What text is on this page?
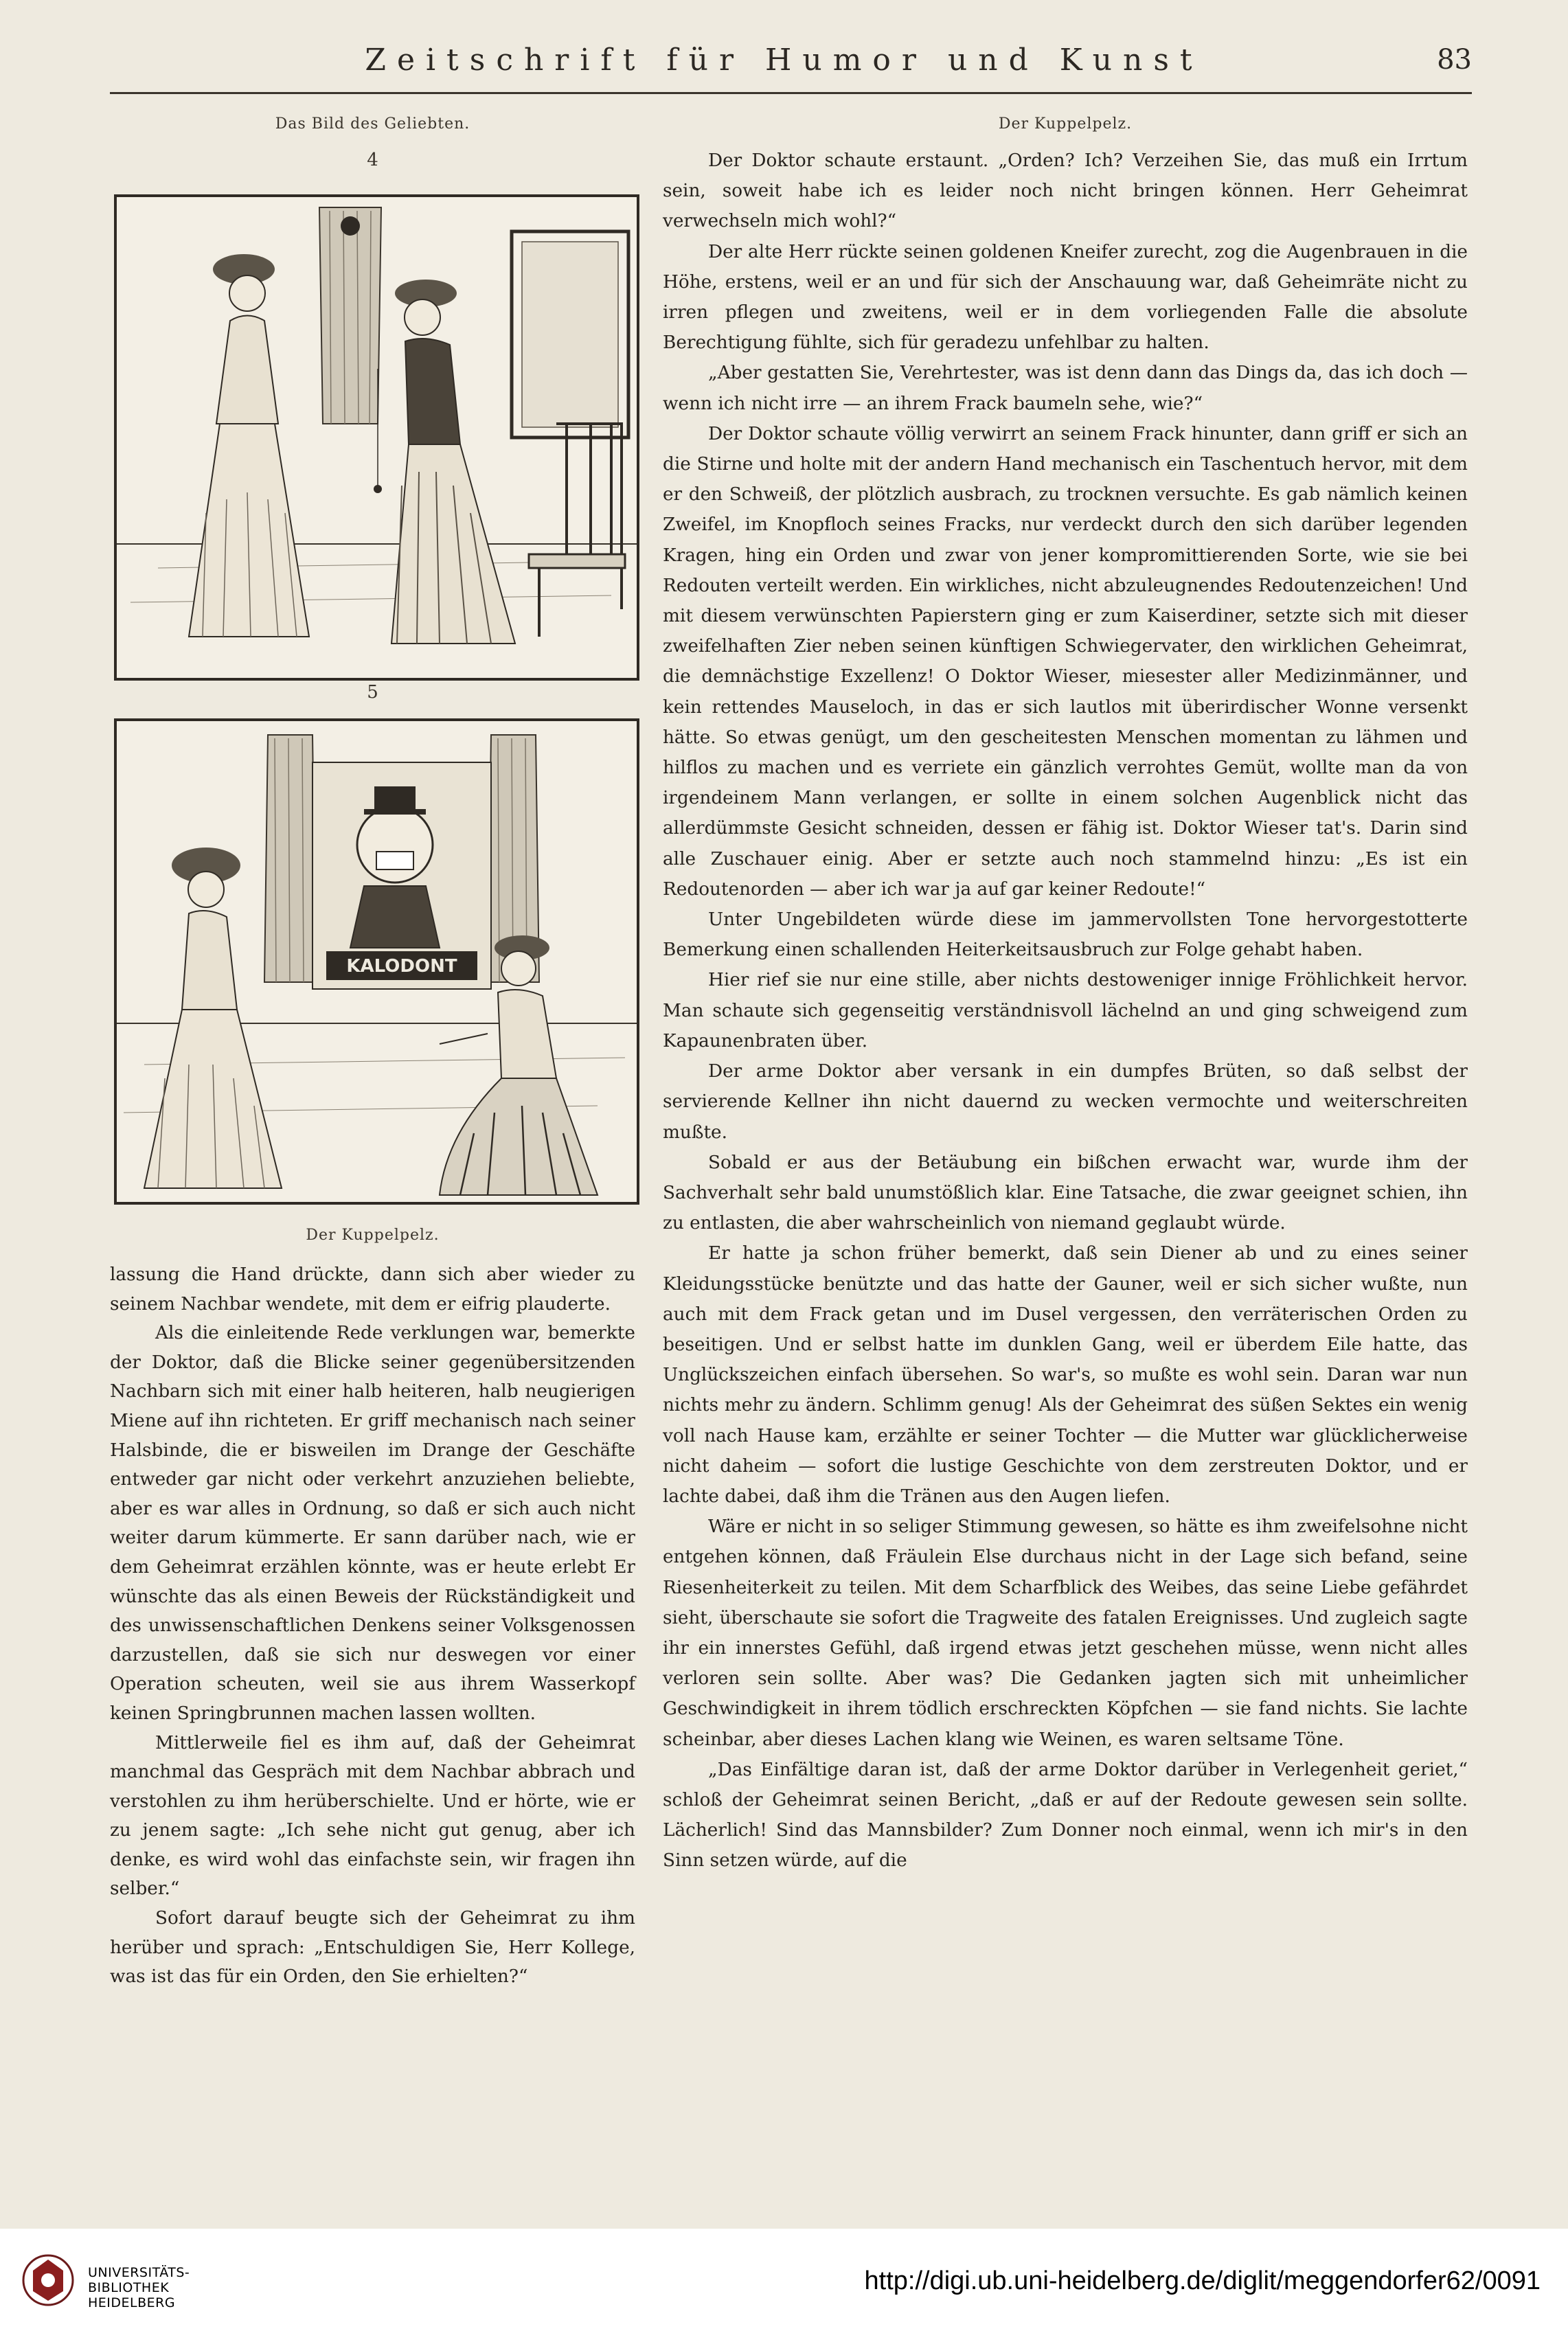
Zeitschrift für Humor und Kunst	83
Das Bild des Geliebten.
4
5
KALODONT
Der Kuppelpelz.

lassung die Hand drückte, dann sich aber wieder zu seinem Nachbar wendete, mit dem er eifrig plauderte.

Als die einleitende Rede verklungen war, bemerkte der Doktor, daß die Blicke seiner gegenübersitzenden Nachbarn sich mit einer halb heiteren, halb neugierigen Miene auf ihn richteten. Er griff mechanisch nach seiner Halsbinde, die er bisweilen im Drange der Geschäfte entweder gar nicht oder verkehrt anzuziehen beliebte, aber es war alles in Ordnung, so daß er sich auch nicht weiter darum kümmerte. Er sann darüber nach, wie er dem Geheimrat erzählen könnte, was er heute erlebt Er wünschte das als einen Beweis der Rückständigkeit und des unwissenschaftlichen Denkens seiner Volksgenossen darzustellen, daß sie sich nur deswegen vor einer Operation scheuten, weil sie aus ihrem Wasserkopf keinen Springbrunnen machen lassen wollten.

Mittlerweile fiel es ihm auf, daß der Geheimrat manchmal das Gespräch mit dem Nachbar abbrach und verstohlen zu ihm herüberschielte. Und er hörte, wie er zu jenem sagte: „Ich sehe nicht gut genug, aber ich denke, es wird wohl das einfachste sein, wir fragen ihn selber.“

Sofort darauf beugte sich der Geheimrat zu ihm herüber und sprach: „Entschuldigen Sie, Herr Kollege, was ist das für ein Orden, den Sie erhielten?“

Der Kuppelpelz.

Der Doktor schaute erstaunt. „Orden? Ich? Verzeihen Sie, das muß ein Irrtum sein, soweit habe ich es leider noch nicht bringen können. Herr Geheimrat verwechseln mich wohl?“

Der alte Herr rückte seinen goldenen Kneifer zurecht, zog die Augenbrauen in die Höhe, erstens, weil er an und für sich der Anschauung war, daß Geheimräte nicht zu irren pflegen und zweitens, weil er in dem vorliegenden Falle die absolute Berechtigung fühlte, sich für geradezu unfehlbar zu halten.

„Aber gestatten Sie, Verehrtester, was ist denn dann das Dings da, das ich doch — wenn ich nicht irre — an ihrem Frack baumeln sehe, wie?“

Der Doktor schaute völlig verwirrt an seinem Frack hinunter, dann griff er sich an die Stirne und holte mit der andern Hand mechanisch ein Taschentuch hervor, mit dem er den Schweiß, der plötzlich ausbrach, zu trocknen versuchte. Es gab nämlich keinen Zweifel, im Knopfloch seines Fracks, nur verdeckt durch den sich darüber legenden Kragen, hing ein Orden und zwar von jener kompromittierenden Sorte, wie sie bei Redouten verteilt werden. Ein wirkliches, nicht abzuleugnendes Redoutenzeichen! Und mit diesem verwünschten Papierstern ging er zum Kaiserdiner, setzte sich mit dieser zweifelhaften Zier neben seinen künftigen Schwiegervater, den wirklichen Geheimrat, die demnächstige Exzellenz! O Doktor Wieser, miesester aller Medizinmänner, und kein rettendes Mauseloch, in das er sich lautlos mit überirdischer Wonne versenkt hätte. So etwas genügt, um den gescheitesten Menschen momentan zu lähmen und hilflos zu machen und es verriete ein gänzlich verrohtes Gemüt, wollte man da von irgendeinem Mann verlangen, er sollte in einem solchen Augenblick nicht das allerdümmste Gesicht schneiden, dessen er fähig ist. Doktor Wieser tat's. Darin sind alle Zuschauer einig. Aber er setzte auch noch stammelnd hinzu: „Es ist ein Redoutenorden — aber ich war ja auf gar keiner Redoute!“

Unter Ungebildeten würde diese im jammervollsten Tone hervorgestotterte Bemerkung einen schallenden Heiterkeitsausbruch zur Folge gehabt haben.

Hier rief sie nur eine stille, aber nichts destoweniger innige Fröhlichkeit hervor. Man schaute sich gegenseitig verständnisvoll lächelnd an und ging schweigend zum Kapaunenbraten über.

Der arme Doktor aber versank in ein dumpfes Brüten, so daß selbst der servierende Kellner ihn nicht dauernd zu wecken vermochte und weiterschreiten mußte.

Sobald er aus der Betäubung ein bißchen erwacht war, wurde ihm der Sachverhalt sehr bald unumstößlich klar. Eine Tatsache, die zwar geeignet schien, ihn zu entlasten, die aber wahrscheinlich von niemand geglaubt würde.

Er hatte ja schon früher bemerkt, daß sein Diener ab und zu eines seiner Kleidungsstücke benützte und das hatte der Gauner, weil er sich sicher wußte, nun auch mit dem Frack getan und im Dusel vergessen, den verräterischen Orden zu beseitigen. Und er selbst hatte im dunklen Gang, weil er überdem Eile hatte, das Unglückszeichen einfach übersehen. So war's, so mußte es wohl sein. Daran war nun nichts mehr zu ändern. Schlimm genug! Als der Geheimrat des süßen Sektes ein wenig voll nach Hause kam, erzählte er seiner Tochter — die Mutter war glücklicherweise nicht daheim — sofort die lustige Geschichte von dem zerstreuten Doktor, und er lachte dabei, daß ihm die Tränen aus den Augen liefen.

Wäre er nicht in so seliger Stimmung gewesen, so hätte es ihm zweifelsohne nicht entgehen können, daß Fräulein Else durchaus nicht in der Lage sich befand, seine Riesenheiterkeit zu teilen. Mit dem Scharfblick des Weibes, das seine Liebe gefährdet sieht, überschaute sie sofort die Tragweite des fatalen Ereignisses. Und zugleich sagte ihr ein innerstes Gefühl, daß irgend etwas jetzt geschehen müsse, wenn nicht alles verloren sein sollte. Aber was? Die Gedanken jagten sich mit unheimlicher Geschwindigkeit in ihrem tödlich erschreckten Köpfchen — sie fand nichts. Sie lachte scheinbar, aber dieses Lachen klang wie Weinen, es waren seltsame Töne.

„Das Einfältige daran ist, daß der arme Doktor darüber in Verlegenheit geriet,“ schloß der Geheimrat seinen Bericht, „daß er auf der Redoute gewesen sein sollte. Lächerlich! Sind das Mannsbilder? Zum Donner noch einmal, wenn ich mir's in den Sinn setzen würde, auf die

UNIVERSITÄTS-
BIBLIOTHEK
HEIDELBERG
http://digi.ub.uni-heidelberg.de/diglit/meggendorfer62/0091
